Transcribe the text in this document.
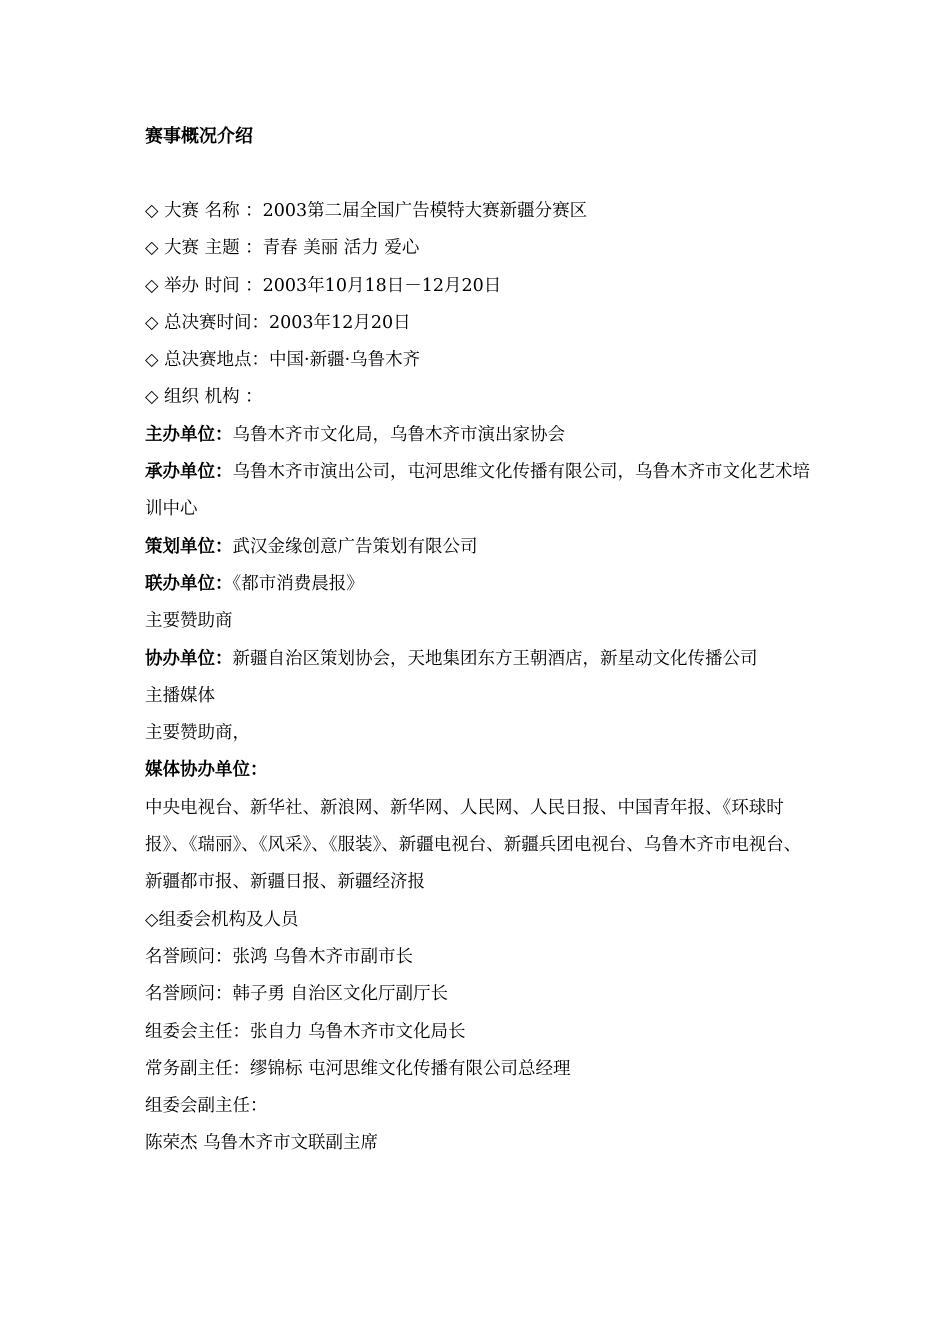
赛事概况介绍
◇ 大赛 名称 ：2003第二届全国广告模特大赛新疆分赛区
◇ 大赛 主题 ：青春 美丽 活力 爱心
◇ 举办 时间 ：2003年10月18日－12月20日
◇ 总决赛时间：2003年12月20日
◇ 总决赛地点：中国·新疆·乌鲁木齐
◇ 组织 机构 ：
主办单位：乌鲁木齐市文化局，乌鲁木齐市演出家协会
承办单位：乌鲁木齐市演出公司，屯河思维文化传播有限公司，乌鲁木齐市文化艺术培训中心
策划单位：武汉金缘创意广告策划有限公司
联办单位：《都市消费晨报》
主要赞助商
协办单位：新疆自治区策划协会，天地集团东方王朝酒店，新星动文化传播公司
主播媒体
主要赞助商，
媒体协办单位：
中央电视台、新华社、新浪网、新华网、人民网、人民日报、中国青年报、《环球时报》、《瑞丽》、《风采》、《服装》、新疆电视台、新疆兵团电视台、乌鲁木齐市电视台、新疆都市报、新疆日报、新疆经济报
◇组委会机构及人员
名誉顾问：张鸿 乌鲁木齐市副市长
名誉顾问：韩子勇 自治区文化厅副厅长
组委会主任：张自力 乌鲁木齐市文化局长
常务副主任：缪锦标 屯河思维文化传播有限公司总经理
组委会副主任：
陈荣杰 乌鲁木齐市文联副主席
